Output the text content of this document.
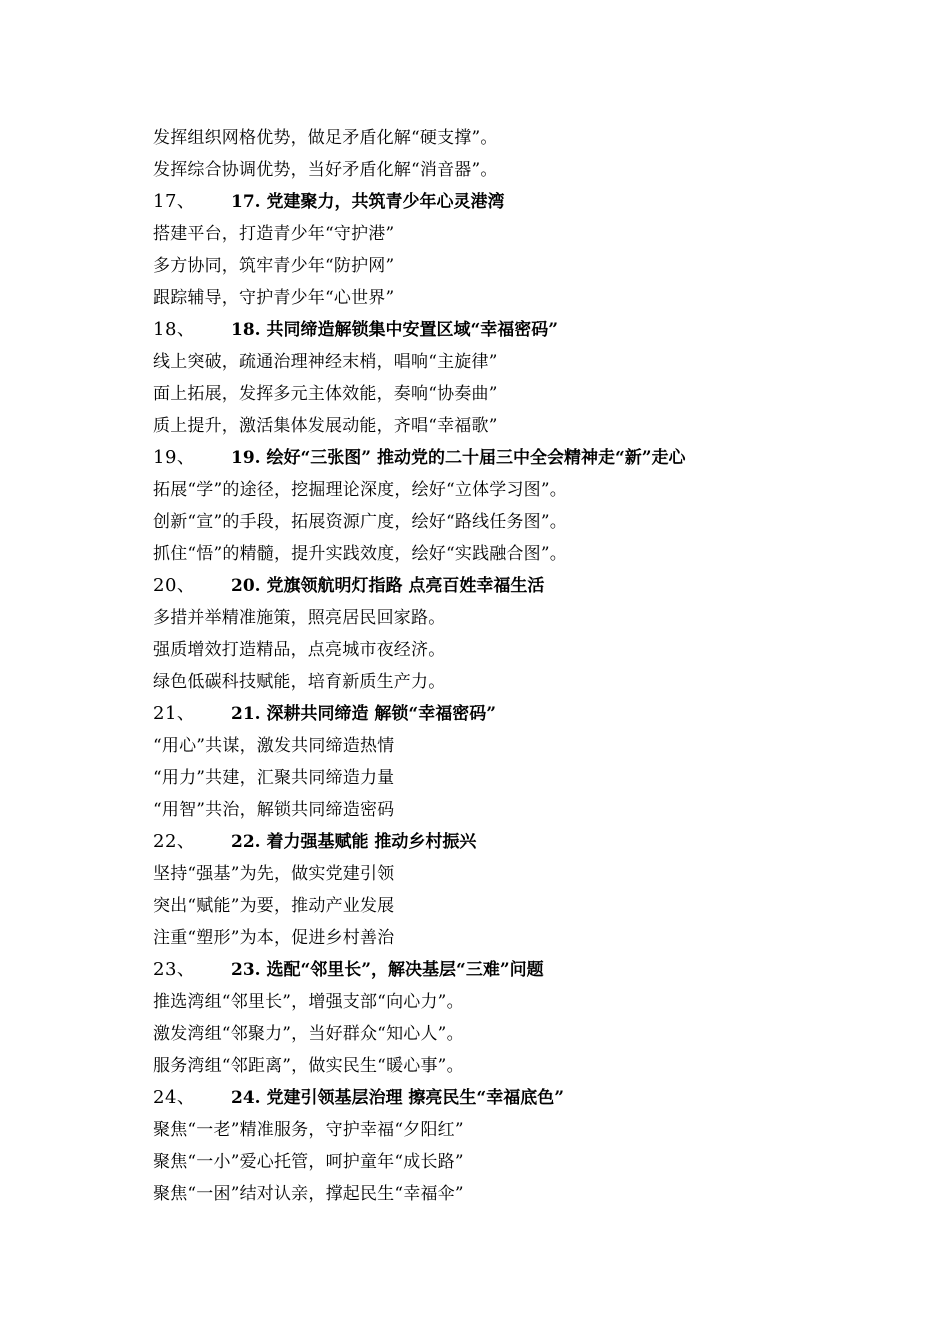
发挥组织网格优势，做足矛盾化解“硬支撑”。
发挥综合协调优势，当好矛盾化解“消音器”。
17、	17. 党建聚力，共筑青少年心灵港湾
搭建平台，打造青少年“守护港”
多方协同，筑牢青少年“防护网”
跟踪辅导，守护青少年“心世界”
18、	18. 共同缔造解锁集中安置区域“幸福密码”
线上突破，疏通治理神经末梢，唱响“主旋律”
面上拓展，发挥多元主体效能，奏响“协奏曲”
质上提升，激活集体发展动能，齐唱“幸福歌”
19、	19. 绘好“三张图” 推动党的二十届三中全会精神走“新”走心
拓展“学”的途径，挖掘理论深度，绘好“立体学习图”。
创新“宣”的手段，拓展资源广度，绘好“路线任务图”。
抓住“悟”的精髓，提升实践效度，绘好“实践融合图”。
20、	20. 党旗领航明灯指路 点亮百姓幸福生活
多措并举精准施策，照亮居民回家路。
强质增效打造精品，点亮城市夜经济。
绿色低碳科技赋能，培育新质生产力。
21、	21. 深耕共同缔造 解锁“幸福密码”
“用心”共谋，激发共同缔造热情
“用力”共建，汇聚共同缔造力量
“用智”共治，解锁共同缔造密码
22、	22. 着力强基赋能 推动乡村振兴
坚持“强基”为先，做实党建引领
突出“赋能”为要，推动产业发展
注重“塑形”为本，促进乡村善治
23、	23. 选配“邻里长”，解决基层“三难”问题
推选湾组“邻里长”，增强支部“向心力”。
激发湾组“邻聚力”，当好群众“知心人”。
服务湾组“邻距离”，做实民生“暖心事”。
24、	24. 党建引领基层治理 擦亮民生“幸福底色”
聚焦“一老”精准服务，守护幸福“夕阳红”
聚焦“一小”爱心托管，呵护童年“成长路”
聚焦“一困”结对认亲，撑起民生“幸福伞”
